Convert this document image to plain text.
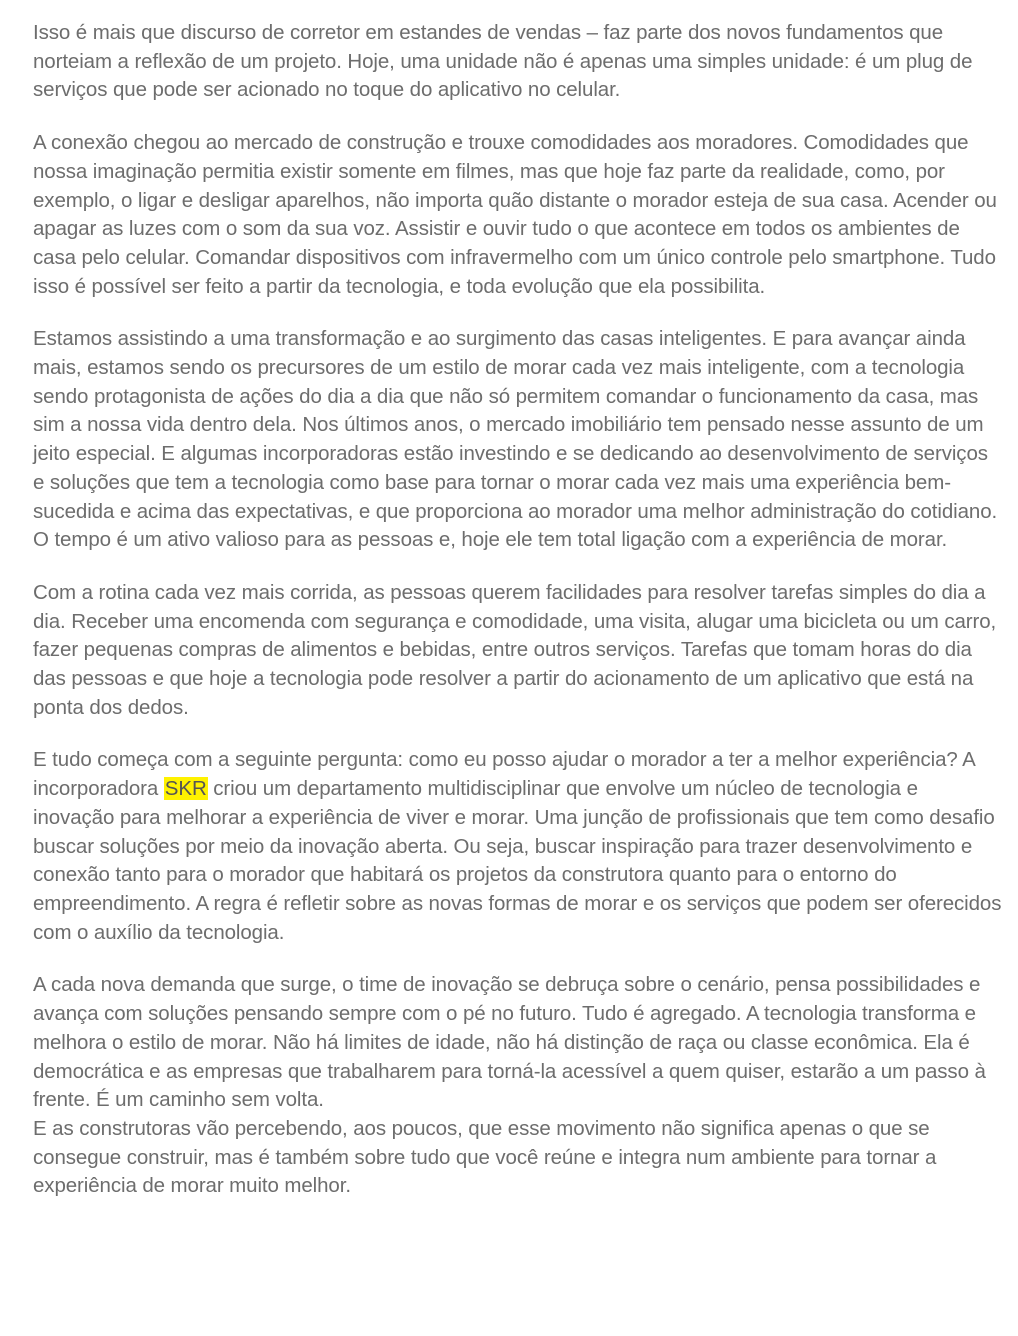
Isso é mais que discurso de corretor em estandes de vendas – faz parte dos novos fundamentos que norteiam a reflexão de um projeto. Hoje, uma unidade não é apenas uma simples unidade: é um plug de serviços que pode ser acionado no toque do aplicativo no celular.

A conexão chegou ao mercado de construção e trouxe comodidades aos moradores. Comodidades que nossa imaginação permitia existir somente em filmes, mas que hoje faz parte da realidade, como, por exemplo, o ligar e desligar aparelhos, não importa quão distante o morador esteja de sua casa. Acender ou apagar as luzes com o som da sua voz. Assistir e ouvir tudo o que acontece em todos os ambientes de casa pelo celular. Comandar dispositivos com infravermelho com um único controle pelo smartphone. Tudo isso é possível ser feito a partir da tecnologia, e toda evolução que ela possibilita.

Estamos assistindo a uma transformação e ao surgimento das casas inteligentes. E para avançar ainda mais, estamos sendo os precursores de um estilo de morar cada vez mais inteligente, com a tecnologia sendo protagonista de ações do dia a dia que não só permitem comandar o funcionamento da casa, mas sim a nossa vida dentro dela. Nos últimos anos, o mercado imobiliário tem pensado nesse assunto de um jeito especial. E algumas incorporadoras estão investindo e se dedicando ao desenvolvimento de serviços e soluções que tem a tecnologia como base para tornar o morar cada vez mais uma experiência bem-sucedida e acima das expectativas, e que proporciona ao morador uma melhor administração do cotidiano. O tempo é um ativo valioso para as pessoas e, hoje ele tem total ligação com a experiência de morar.

Com a rotina cada vez mais corrida, as pessoas querem facilidades para resolver tarefas simples do dia a dia. Receber uma encomenda com segurança e comodidade, uma visita, alugar uma bicicleta ou um carro, fazer pequenas compras de alimentos e bebidas, entre outros serviços. Tarefas que tomam horas do dia das pessoas e que hoje a tecnologia pode resolver a partir do acionamento de um aplicativo que está na ponta dos dedos.

E tudo começa com a seguinte pergunta: como eu posso ajudar o morador a ter a melhor experiência? A incorporadora SKR criou um departamento multidisciplinar que envolve um núcleo de tecnologia e inovação para melhorar a experiência de viver e morar. Uma junção de profissionais que tem como desafio buscar soluções por meio da inovação aberta. Ou seja, buscar inspiração para trazer desenvolvimento e conexão tanto para o morador que habitará os projetos da construtora quanto para o entorno do empreendimento. A regra é refletir sobre as novas formas de morar e os serviços que podem ser oferecidos com o auxílio da tecnologia.

A cada nova demanda que surge, o time de inovação se debruça sobre o cenário, pensa possibilidades e avança com soluções pensando sempre com o pé no futuro. Tudo é agregado. A tecnologia transforma e melhora o estilo de morar. Não há limites de idade, não há distinção de raça ou classe econômica. Ela é democrática e as empresas que trabalharem para torná-la acessível a quem quiser, estarão a um passo à frente. É um caminho sem volta.

E as construtoras vão percebendo, aos poucos, que esse movimento não significa apenas o que se consegue construir, mas é também sobre tudo que você reúne e integra num ambiente para tornar a experiência de morar muito melhor.
